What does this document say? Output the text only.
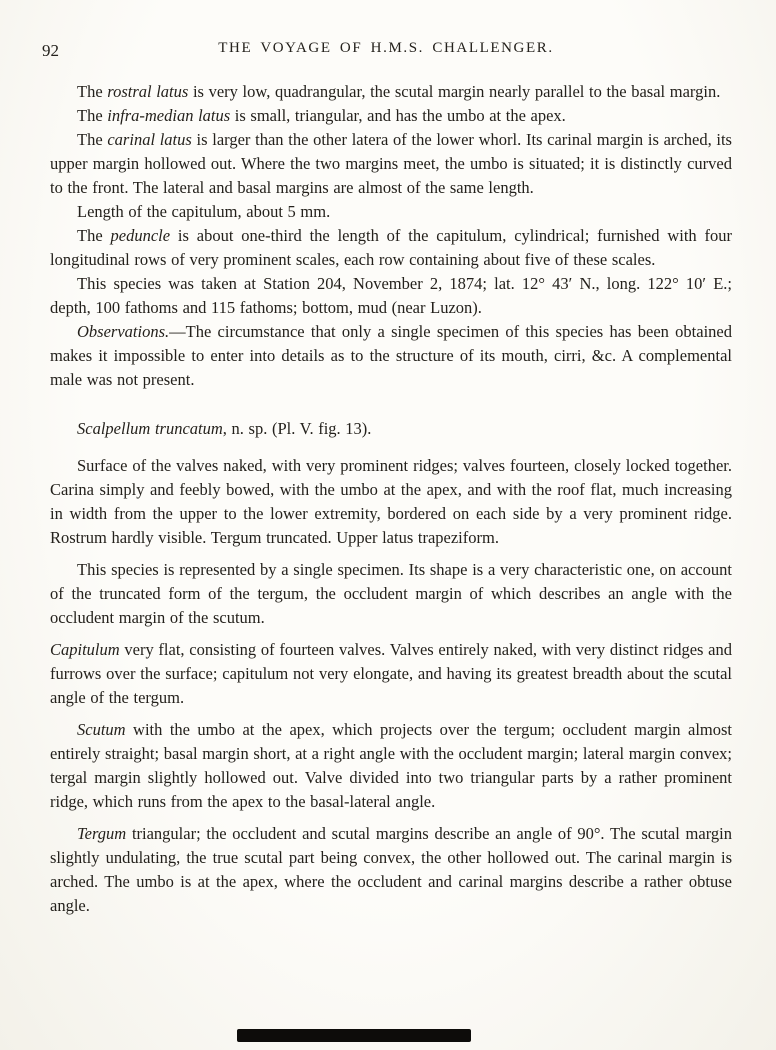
92	THE VOYAGE OF H.M.S. CHALLENGER.

The rostral latus is very low, quadrangular, the scutal margin nearly parallel to the basal margin.

The infra-median latus is small, triangular, and has the umbo at the apex.

The carinal latus is larger than the other latera of the lower whorl. Its carinal margin is arched, its upper margin hollowed out. Where the two margins meet, the umbo is situated; it is distinctly curved to the front. The lateral and basal margins are almost of the same length.

Length of the capitulum, about 5 mm.

The peduncle is about one-third the length of the capitulum, cylindrical; furnished with four longitudinal rows of very prominent scales, each row containing about five of these scales.

This species was taken at Station 204, November 2, 1874; lat. 12° 43′ N., long. 122° 10′ E.; depth, 100 fathoms and 115 fathoms; bottom, mud (near Luzon).

Observations.—The circumstance that only a single specimen of this species has been obtained makes it impossible to enter into details as to the structure of its mouth, cirri, &c. A complemental male was not present.

Scalpellum truncatum, n. sp. (Pl. V. fig. 13).

Surface of the valves naked, with very prominent ridges; valves fourteen, closely locked together. Carina simply and feebly bowed, with the umbo at the apex, and with the roof flat, much increasing in width from the upper to the lower extremity, bordered on each side by a very prominent ridge. Rostrum hardly visible. Tergum truncated. Upper latus trapeziform.

This species is represented by a single specimen. Its shape is a very characteristic one, on account of the truncated form of the tergum, the occludent margin of which describes an angle with the occludent margin of the scutum.

Capitulum very flat, consisting of fourteen valves. Valves entirely naked, with very distinct ridges and furrows over the surface; capitulum not very elongate, and having its greatest breadth about the scutal angle of the tergum.

Scutum with the umbo at the apex, which projects over the tergum; occludent margin almost entirely straight; basal margin short, at a right angle with the occludent margin; lateral margin convex; tergal margin slightly hollowed out. Valve divided into two triangular parts by a rather prominent ridge, which runs from the apex to the basal-lateral angle.

Tergum triangular; the occludent and scutal margins describe an angle of 90°. The scutal margin slightly undulating, the true scutal part being convex, the other hollowed out. The carinal margin is arched. The umbo is at the apex, where the occludent and carinal margins describe a rather obtuse angle.
